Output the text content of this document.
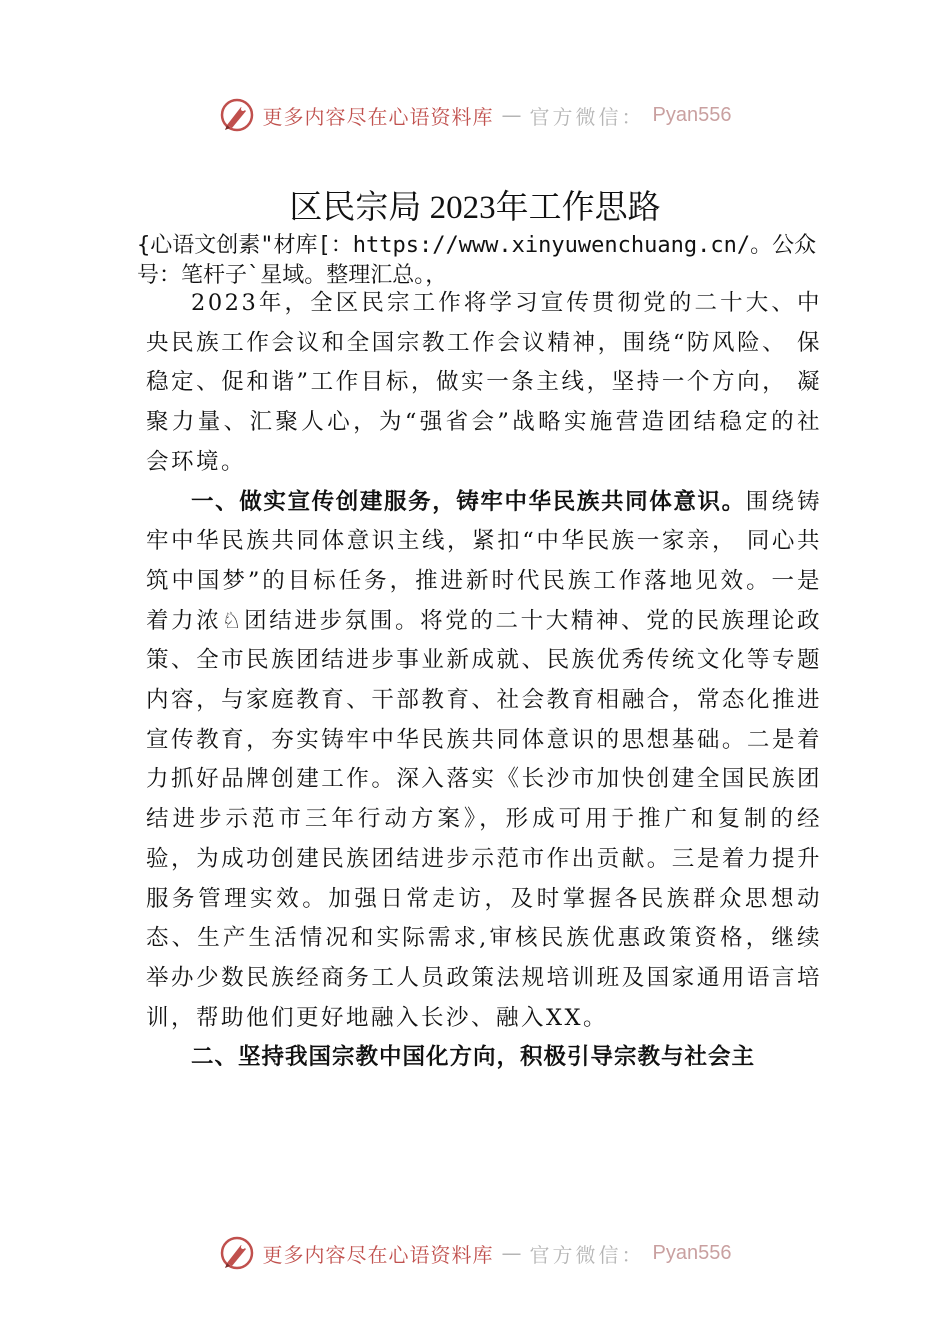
更多内容尽在心语资料库 — 官方微信： Pyan556
区民宗局 2023年工作思路
{心语文创素"材库[：https://www.xinyuwenchuang.cn/。公众号：笔杆子`星域。整理汇总。，

2023年，全区民宗工作将学习宣传贯彻党的二十大、中央民族工作会议和全国宗教工作会议精神，围绕“防风险、 保稳定、促和谐”工作目标，做实一条主线，坚持一个方向， 凝聚力量、汇聚人心，为“强省会”战略实施营造团结稳定的社会环境。

一、做实宣传创建服务，铸牢中华民族共同体意识。围绕铸牢中华民族共同体意识主线，紧扣“中华民族一家亲， 同心共筑中国梦”的目标任务，推进新时代民族工作落地见效。一是着力浓♘团结进步氛围。将党的二十大精神、党的民族理论政策、全市民族团结进步事业新成就、民族优秀传统文化等专题内容，与家庭教育、干部教育、社会教育相融合，常态化推进宣传教育，夯实铸牢中华民族共同体意识的思想基础。二是着力抓好品牌创建工作。深入落实《长沙市加快创建全国民族团结进步示范市三年行动方案》，形成可用于推广和复制的经验，为成功创建民族团结进步示范市作出贡献。三是着力提升服务管理实效。加强日常走访，及时掌握各民族群众思想动态、生产生活情况和实际需求,审核民族优惠政策资格，继续举办少数民族经商务工人员政策法规培训班及国家通用语言培训，帮助他们更好地融入长沙、融入XX。

二、坚持我国宗教中国化方向，积极引导宗教与社会主

更多内容尽在心语资料库 — 官方微信： Pyan556
